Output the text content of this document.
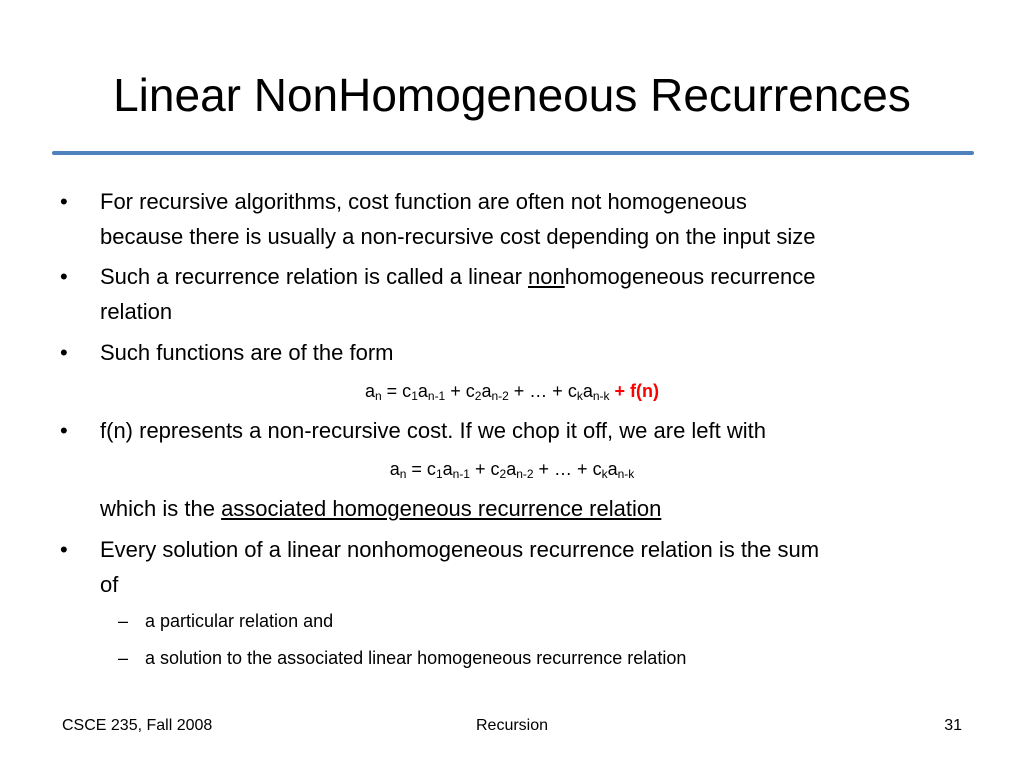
Linear NonHomogeneous Recurrences
• For recursive algorithms, cost function are often not homogeneous
because there is usually a non-recursive cost depending on the input size
• Such a recurrence relation is called a linear nonhomogeneous recurrence
relation
• Such functions are of the form
$a_n = c_1a_{n-1} + c_2a_{n-2}$ + … + $c_ka_{n-k} + f(n)$
• f(n) represents a non-recursive cost. If we chop it off, we are left with
$a_n = c_1a_{n-1} + c_2a_{n-2}$ + … + $c_ka_{n-k}$
which is the associated homogeneous recurrence relation
• Every solution of a linear nonhomogeneous recurrence relation is the sum
of
– a particular relation and
– a solution to the associated linear homogeneous recurrence relation
CSCE 235, Fall 2008	Recursion	31
